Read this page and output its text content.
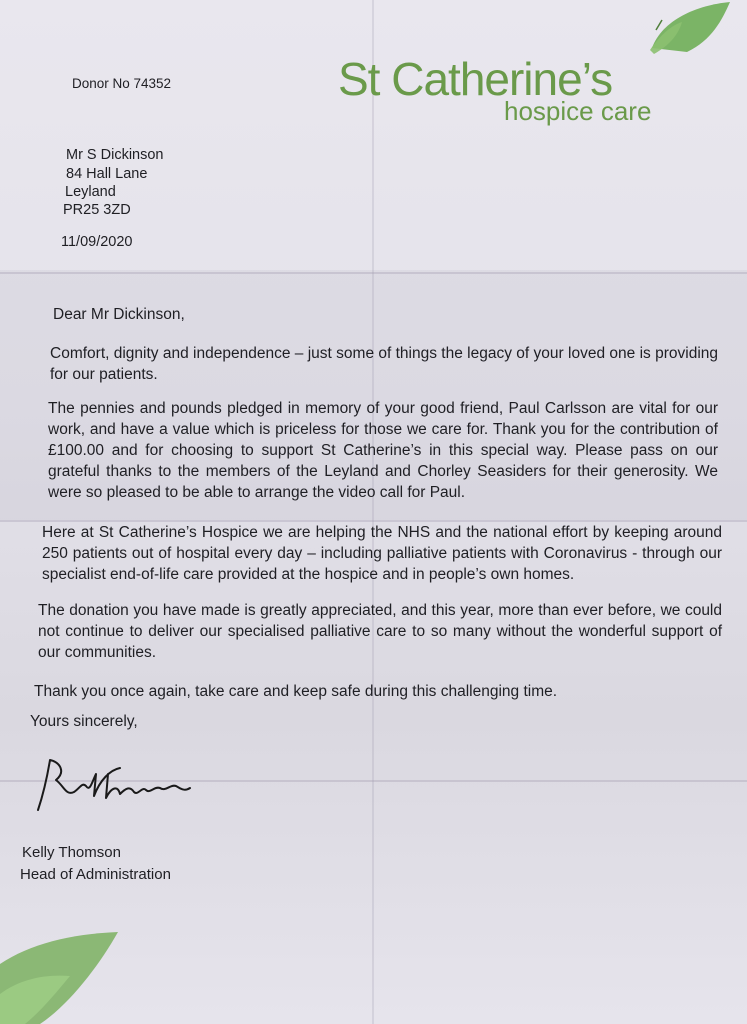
St Catherine’s
hospice care
Donor No 74352
Mr S Dickinson
84 Hall Lane
Leyland
PR25 3ZD
11/09/2020
Dear Mr Dickinson,
Comfort, dignity and independence – just some of things the legacy of your loved one is providing for our patients.
The pennies and pounds pledged in memory of your good friend, Paul Carlsson are vital for our work, and have a value which is priceless for those we care for. Thank you for the contribution of £100.00 and for choosing to support St Catherine’s in this special way. Please pass on our grateful thanks to the members of the Leyland and Chorley Seasiders for their generosity. We were so pleased to be able to arrange the video call for Paul.
Here at St Catherine’s Hospice we are helping the NHS and the national effort by keeping around 250 patients out of hospital every day – including palliative patients with Coronavirus - through our specialist end-of-life care provided at the hospice and in people’s own homes.
The donation you have made is greatly appreciated, and this year, more than ever before, we could not continue to deliver our specialised palliative care to so many without the wonderful support of our communities.
Thank you once again, take care and keep safe during this challenging time.
Yours sincerely,
Kelly Thomson
Head of Administration
